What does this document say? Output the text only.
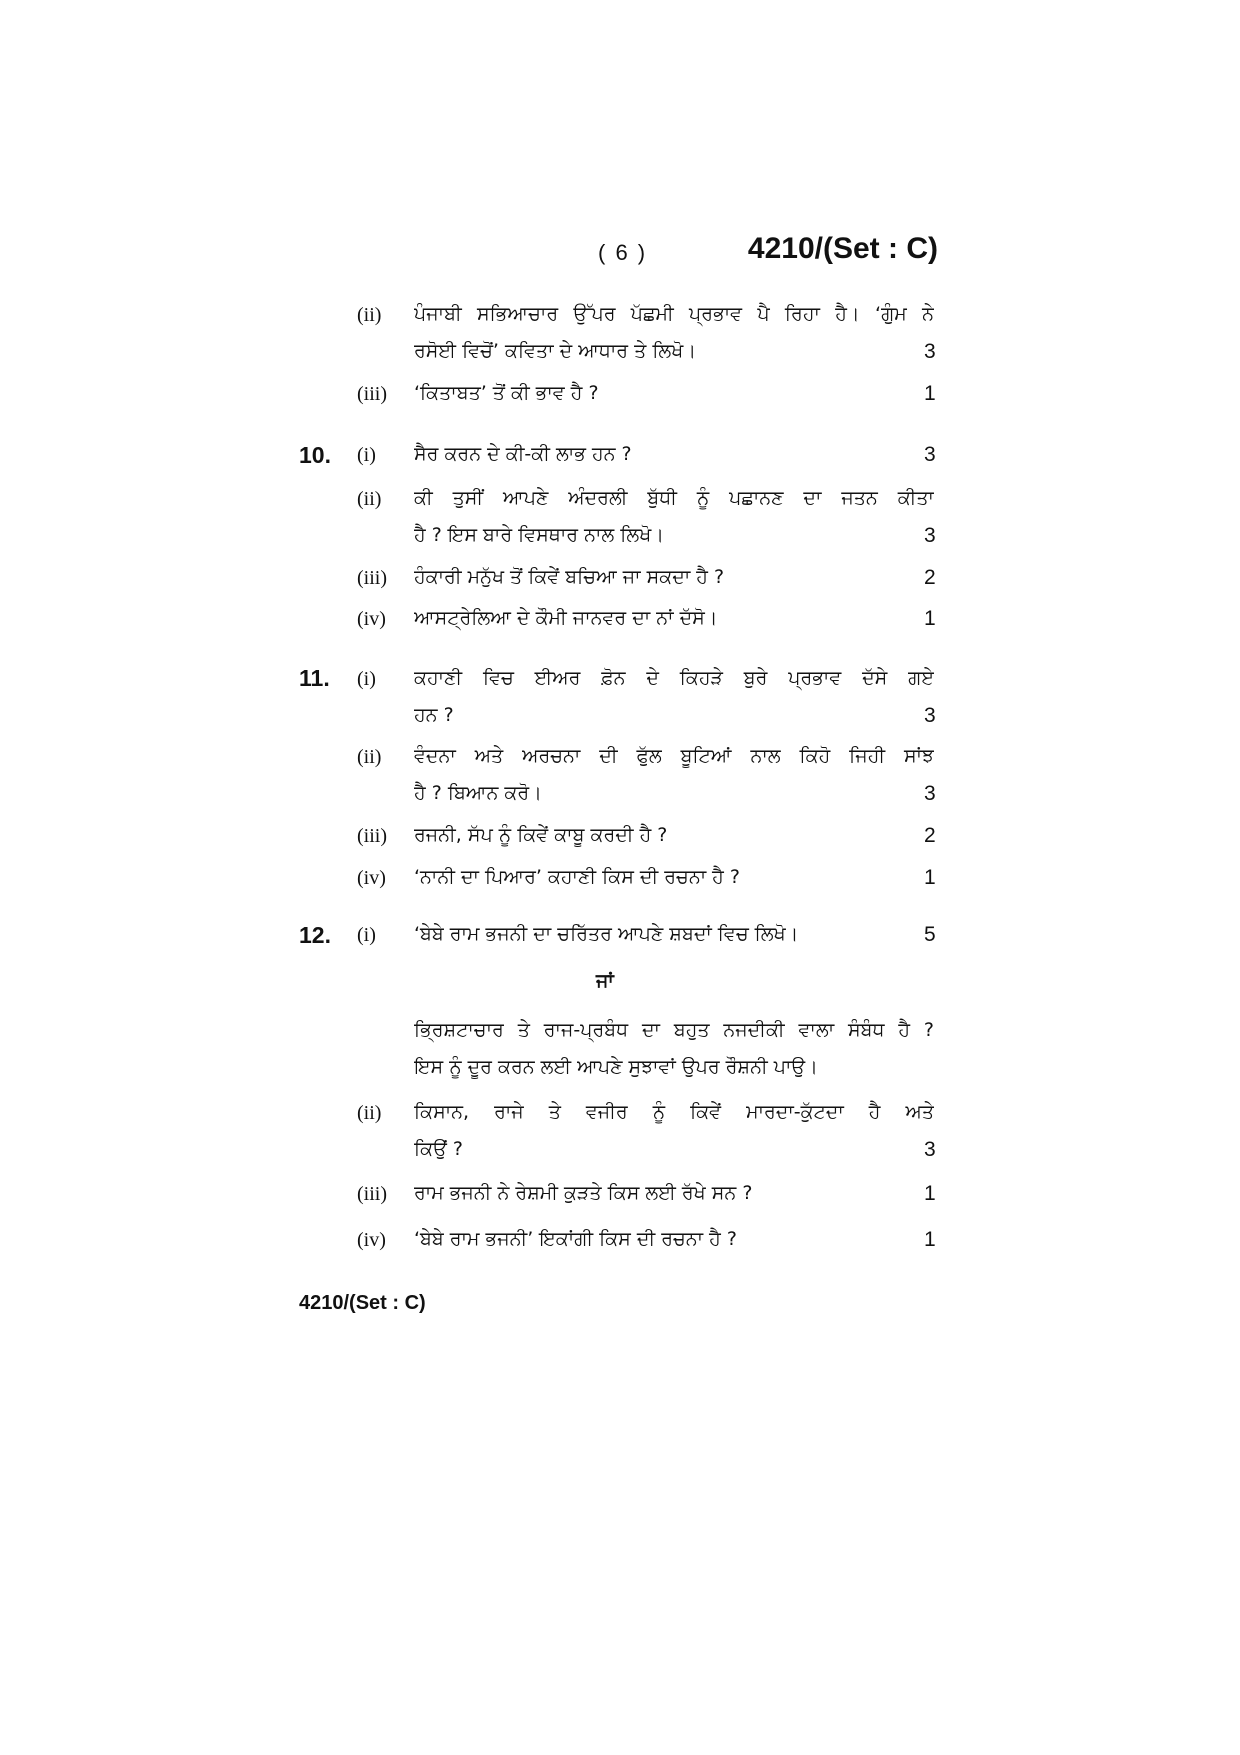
( 6 )	4210/(Set : C)
(ii) ਪੰਜਾਬੀ ਸਭਿਆਚਾਰ ਉੱਪਰ ਪੱਛਮੀ ਪ੍ਰਭਾਵ ਪੈ ਰਿਹਾ ਹੈ। ‘ਗੁੰਮ ਨੇ
ਰਸੋਈ ਵਿਚੋਂ’ ਕਵਿਤਾ ਦੇ ਆਧਾਰ ਤੇ ਲਿਖੋ।	3
(iii) ‘ਕਿਤਾਬਤ’ ਤੋਂ ਕੀ ਭਾਵ ਹੈ ?	1
10. (i) ਸੈਰ ਕਰਨ ਦੇ ਕੀ-ਕੀ ਲਾਭ ਹਨ ?	3
(ii) ਕੀ ਤੁਸੀਂ ਆਪਣੇ ਅੰਦਰਲੀ ਬੁੱਧੀ ਨੂੰ ਪਛਾਨਣ ਦਾ ਜਤਨ ਕੀਤਾ
ਹੈ ? ਇਸ ਬਾਰੇ ਵਿਸਥਾਰ ਨਾਲ ਲਿਖੋ।	3
(iii) ਹੰਕਾਰੀ ਮਨੁੱਖ ਤੋਂ ਕਿਵੇਂ ਬਚਿਆ ਜਾ ਸਕਦਾ ਹੈ ?	2
(iv) ਆਸਟ੍ਰੇਲਿਆ ਦੇ ਕੌਮੀ ਜਾਨਵਰ ਦਾ ਨਾਂ ਦੱਸੋ।	1
11. (i) ਕਹਾਣੀ ਵਿਚ ਈਅਰ ਫ਼ੋਨ ਦੇ ਕਿਹੜੇ ਬੁਰੇ ਪ੍ਰਭਾਵ ਦੱਸੇ ਗਏ
ਹਨ ?	3
(ii) ਵੰਦਨਾ ਅਤੇ ਅਰਚਨਾ ਦੀ ਫੁੱਲ ਬੂਟਿਆਂ ਨਾਲ ਕਿਹੋ ਜਿਹੀ ਸਾਂਝ
ਹੈ ? ਬਿਆਨ ਕਰੋ।	3
(iii) ਰਜਨੀ, ਸੱਪ ਨੂੰ ਕਿਵੇਂ ਕਾਬੂ ਕਰਦੀ ਹੈ ?	2
(iv) ‘ਨਾਨੀ ਦਾ ਪਿਆਰ’ ਕਹਾਣੀ ਕਿਸ ਦੀ ਰਚਨਾ ਹੈ ?	1
12. (i) ‘ਬੇਬੇ ਰਾਮ ਭਜਨੀ ਦਾ ਚਰਿੱਤਰ ਆਪਣੇ ਸ਼ਬਦਾਂ ਵਿਚ ਲਿਖੋ।	5
ਜਾਂ
ਭ੍ਰਿਸ਼ਟਾਚਾਰ ਤੇ ਰਾਜ-ਪ੍ਰਬੰਧ ਦਾ ਬਹੁਤ ਨਜਦੀਕੀ ਵਾਲਾ ਸੰਬੰਧ ਹੈ ?
ਇਸ ਨੂੰ ਦੂਰ ਕਰਨ ਲਈ ਆਪਣੇ ਸੁਝਾਵਾਂ ਉਪਰ ਰੌਸ਼ਨੀ ਪਾਉ।
(ii) ਕਿਸਾਨ, ਰਾਜੇ ਤੇ ਵਜੀਰ ਨੂੰ ਕਿਵੇਂ ਮਾਰਦਾ-ਕੁੱਟਦਾ ਹੈ ਅਤੇ
ਕਿਉਂ ?	3
(iii) ਰਾਮ ਭਜਨੀ ਨੇ ਰੇਸ਼ਮੀ ਕੁੜਤੇ ਕਿਸ ਲਈ ਰੱਖੇ ਸਨ ?	1
(iv) ‘ਬੇਬੇ ਰਾਮ ਭਜਨੀ’ ਇਕਾਂਗੀ ਕਿਸ ਦੀ ਰਚਨਾ ਹੈ ?	1
4210/(Set : C)
